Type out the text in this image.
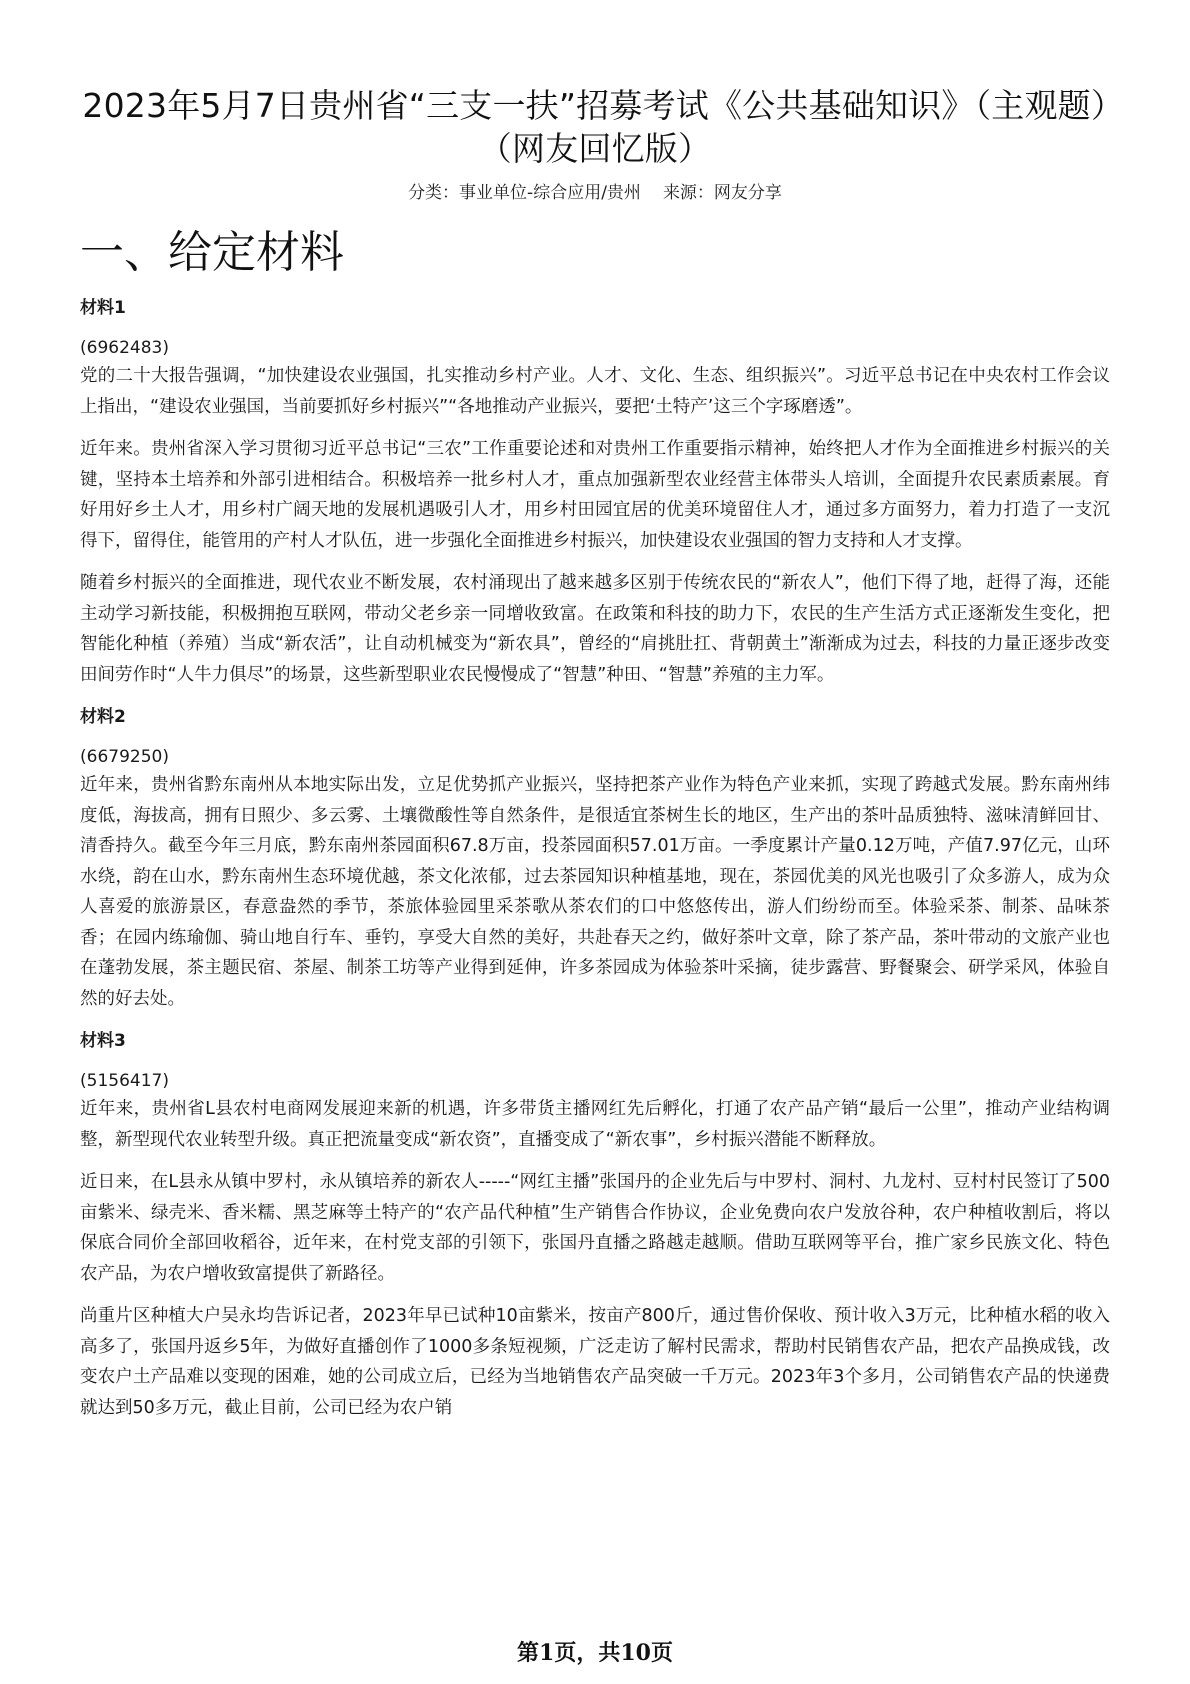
2023年5月7日贵州省“三支一扶”招募考试《公共基础知识》（主观题）（网友回忆版）
分类：事业单位-综合应用/贵州 来源：网友分享
一、给定材料
材料1
(6962483)

党的二十大报告强调，“加快建设农业强国，扎实推动乡村产业。人才、文化、生态、组织振兴”。习近平总书记在中央农村工作会议上指出，“建设农业强国，当前要抓好乡村振兴”“各地推动产业振兴，要把‘土特产’这三个字琢磨透”。

近年来。贵州省深入学习贯彻习近平总书记“三农”工作重要论述和对贵州工作重要指示精神，始终把人才作为全面推进乡村振兴的关键，坚持本土培养和外部引进相结合。积极培养一批乡村人才，重点加强新型农业经营主体带头人培训，全面提升农民素质素展。育好用好乡土人才，用乡村广阔天地的发展机遇吸引人才，用乡村田园宜居的优美环境留住人才，通过多方面努力，着力打造了一支沉得下，留得住，能管用的产村人才队伍，进一步强化全面推进乡村振兴，加快建设农业强国的智力支持和人才支撑。

随着乡村振兴的全面推进，现代农业不断发展，农村涌现出了越来越多区别于传统农民的“新农人”，他们下得了地，赶得了海，还能主动学习新技能，积极拥抱互联网，带动父老乡亲一同增收致富。在政策和科技的助力下，农民的生产生活方式正逐渐发生变化，把智能化种植（养殖）当成“新农活”，让自动机械变为“新农具”，曾经的“肩挑肚扛、背朝黄土”渐渐成为过去，科技的力量正逐步改变田间劳作时“人牛力俱尽”的场景，这些新型职业农民慢慢成了“智慧”种田、“智慧”养殖的主力军。

材料2
(6679250)

近年来，贵州省黔东南州从本地实际出发，立足优势抓产业振兴，坚持把茶产业作为特色产业来抓，实现了跨越式发展。黔东南州纬度低，海拔高，拥有日照少、多云雾、土壤微酸性等自然条件，是很适宜茶树生长的地区，生产出的茶叶品质独特、滋味清鲜回甘、清香持久。截至今年三月底，黔东南州茶园面积67.8万亩，投茶园面积57.01万亩。一季度累计产量0.12万吨，产值7.97亿元，山环水绕，韵在山水，黔东南州生态环境优越，茶文化浓郁，过去茶园知识种植基地，现在，茶园优美的风光也吸引了众多游人，成为众人喜爱的旅游景区，春意盎然的季节，茶旅体验园里采茶歌从茶农们的口中悠悠传出，游人们纷纷而至。体验采茶、制茶、品味茶香；在园内练瑜伽、骑山地自行车、垂钓，享受大自然的美好，共赴春天之约，做好茶叶文章，除了茶产品，茶叶带动的文旅产业也在蓬勃发展，茶主题民宿、茶屋、制茶工坊等产业得到延伸，许多茶园成为体验茶叶采摘，徒步露营、野餐聚会、研学采风，体验自然的好去处。

材料3
(5156417)

近年来，贵州省L县农村电商网发展迎来新的机遇，许多带货主播网红先后孵化，打通了农产品产销“最后一公里”，推动产业结构调整，新型现代农业转型升级。真正把流量变成“新农资”，直播变成了“新农事”，乡村振兴潜能不断释放。

近日来，在L县永从镇中罗村，永从镇培养的新农人-----“网红主播”张国丹的企业先后与中罗村、洞村、九龙村、豆村村民签订了500亩紫米、绿壳米、香米糯、黑芝麻等土特产的“农产品代种植”生产销售合作协议，企业免费向农户发放谷种，农户种植收割后，将以保底合同价全部回收稻谷，近年来，在村党支部的引领下，张国丹直播之路越走越顺。借助互联网等平台，推广家乡民族文化、特色农产品，为农户增收致富提供了新路径。

尚重片区种植大户吴永均告诉记者，2023年早已试种10亩紫米，按亩产800斤，通过售价保收、预计收入3万元，比种植水稻的收入高多了，张国丹返乡5年，为做好直播创作了1000多条短视频，广泛走访了解村民需求，帮助村民销售农产品，把农产品换成钱，改变农户土产品难以变现的困难，她的公司成立后，已经为当地销售农产品突破一千万元。2023年3个多月，公司销售农产品的快递费就达到50多万元，截止目前，公司已经为农户销

第1页，共10页
